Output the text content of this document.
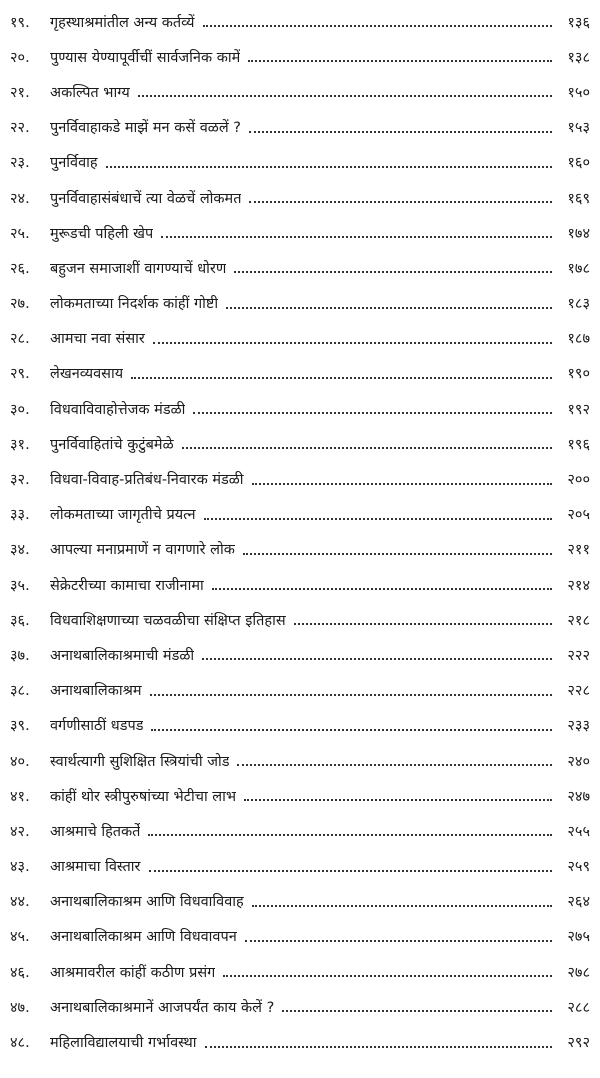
१९.	गृहस्थाश्रमांतील अन्य कर्तव्यें	१३६
२०.	पुण्यास येण्यापूर्वीचीं सार्वजनिक कामें	१३८
२१.	अकल्पित भाग्य	१५०
२२.	पुनर्विवाहाकडे माझें मन कसें वळलें ?	१५३
२३.	पुनर्विवाह	१६०
२४.	पुनर्विवाहासंबंधाचें त्या वेळचें लोकमत	१६९
२५.	मुरूडची पहिली खेप	१७४
२६.	बहुजन समाजाशीं वागण्याचें धोरण	१७८
२७.	लोकमताच्या निदर्शक कांहीं गोष्टी	१८३
२८.	आमचा नवा संसार	१८७
२९.	लेखनव्यवसाय	१९०
३०.	विधवाविवाहोत्तेजक मंडळी	१९२
३१.	पुनर्विवाहितांचे कुटुंबमेळे	१९६
३२.	विधवा-विवाह-प्रतिबंध-निवारक मंडळी	२००
३३.	लोकमताच्या जागृतीचे प्रयत्न	२०५
३४.	आपल्या मनाप्रमाणें न वागणारे लोक	२११
३५.	सेक्रेटरीच्या कामाचा राजीनामा	२१४
३६.	विधवाशिक्षणाच्या चळवळीचा संक्षिप्त इतिहास	२१८
३७.	अनाथबालिकाश्रमाची मंडळी	२२२
३८.	अनाथबालिकाश्रम	२२८
३९.	वर्गणीसाठीं धडपड	२३३
४०.	स्वार्थत्यागी सुशिक्षित स्त्रियांची जोड	२४०
४१.	कांहीं थोर स्त्रीपुरुषांच्या भेटीचा लाभ	२४७
४२.	आश्रमाचे हितकर्ते	२५५
४३.	आश्रमाचा विस्तार	२५९
४४.	अनाथबालिकाश्रम आणि विधवाविवाह	२६४
४५.	अनाथबालिकाश्रम आणि विधवावपन	२७५
४६.	आश्रमावरील कांहीं कठीण प्रसंग	२७८
४७.	अनाथबालिकाश्रमानें आजपर्यंत काय केलें ?	२८८
४८.	महिलाविद्यालयाची गर्भावस्था	२९२
